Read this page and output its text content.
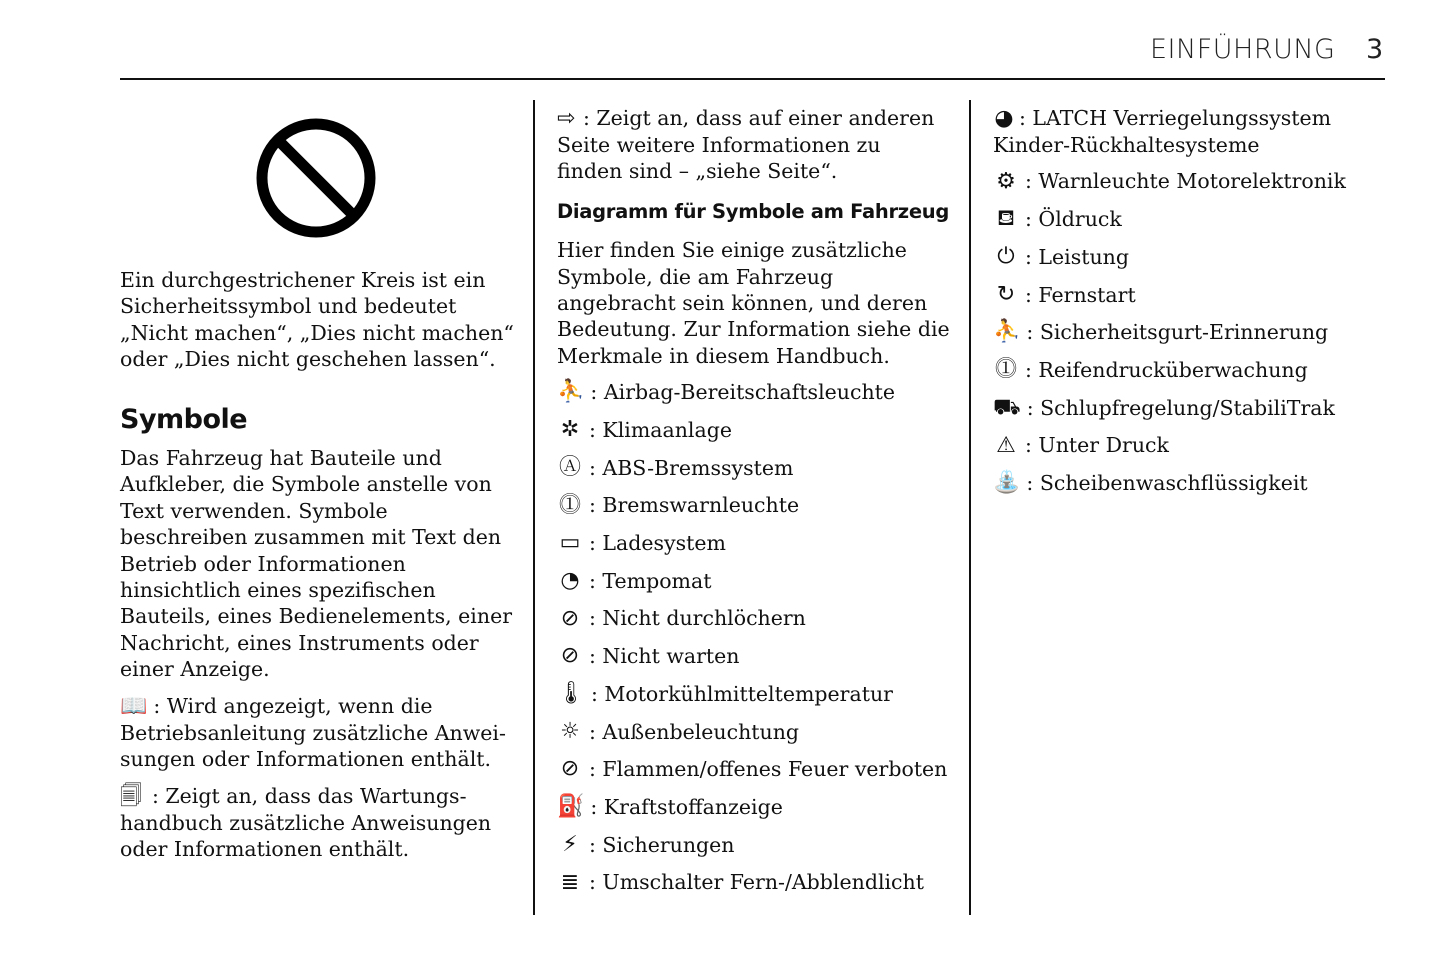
EINFÜHRUNG 3

Ein durchgestrichener Kreis ist ein Sicherheitssymbol und bedeutet „Nicht machen“, „Dies nicht machen“ oder „Dies nicht geschehen lassen“.

Symbole

Das Fahrzeug hat Bauteile und Aufkleber, die Symbole anstelle von Text verwenden. Symbole beschreiben zusammen mit Text den Betrieb oder Informationen hinsichtlich eines spezifischen Bauteils, eines Bedienelements, einer Nachricht, eines Instruments oder einer Anzeige.

📖 : Wird angezeigt, wenn die Betriebsanleitung zusätzliche Anweisungen oder Informationen enthält.

🗐 : Zeigt an, dass das Wartungshandbuch zusätzliche Anweisungen oder Informationen enthält.

⇨ : Zeigt an, dass auf einer anderen Seite weitere Informationen zu finden sind – „siehe Seite“.

Diagramm für Symbole am Fahrzeug

Hier finden Sie einige zusätzliche Symbole, die am Fahrzeug angebracht sein können, und deren Bedeutung. Zur Information siehe die Merkmale in diesem Handbuch.

⛹ : Airbag-Bereitschaftsleuchte
✲ : Klimaanlage
Ⓐ : ABS-Bremssystem
⓵ : Bremswarnleuchte
▭ : Ladesystem
◔ : Tempomat
⊘ : Nicht durchlöchern
⊘ : Nicht warten
🌡 : Motorkühlmitteltemperatur
☼ : Außenbeleuchtung
⊘ : Flammen/offenes Feuer verboten
⛽ : Kraftstoffanzeige
⚡ : Sicherungen
≣ : Umschalter Fern-/Abblendlicht

◕ : LATCH Verriegelungssystem

Kinder-Rückhaltesysteme

⚙ : Warnleuchte Motorelektronik
⛾ : Öldruck
⏻ : Leistung
↻ : Fernstart
⛹ : Sicherheitsgurt-Erinnerung
⓵ : Reifendrucküberwachung
⛟ : Schlupfregelung/StabiliTrak
⚠ : Unter Druck
⛲ : Scheibenwaschflüssigkeit
